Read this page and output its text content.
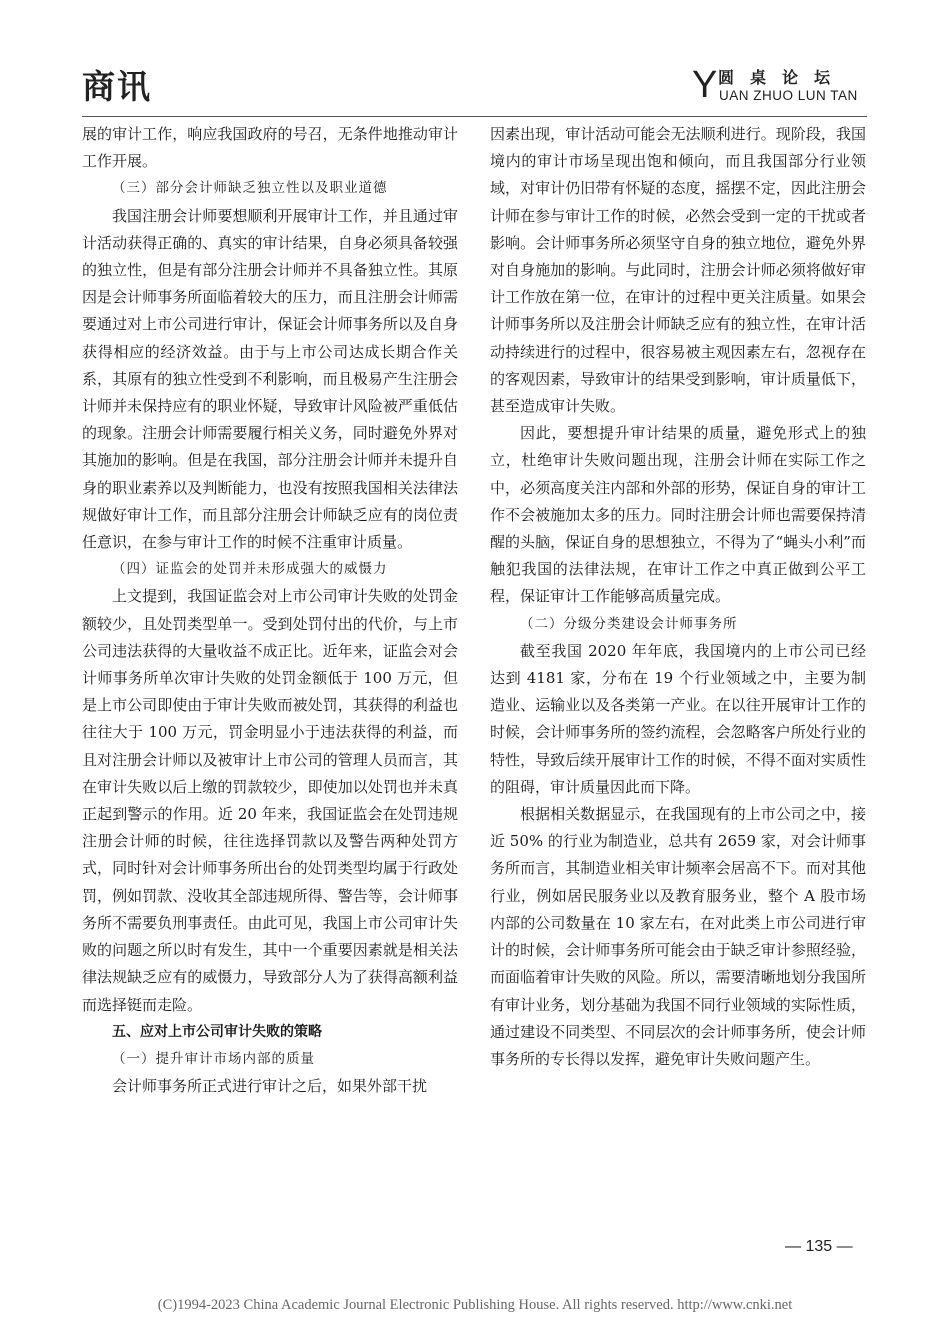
商讯	Y 圆桌论坛
UAN ZHUO LUN TAN

展的审计工作，响应我国政府的号召，无条件地推动审计工作开展。

（三）部分会计师缺乏独立性以及职业道德

我国注册会计师要想顺利开展审计工作，并且通过审计活动获得正确的、真实的审计结果，自身必须具备较强的独立性，但是有部分注册会计师并不具备独立性。其原因是会计师事务所面临着较大的压力，而且注册会计师需要通过对上市公司进行审计，保证会计师事务所以及自身获得相应的经济效益。由于与上市公司达成长期合作关系，其原有的独立性受到不利影响，而且极易产生注册会计师并未保持应有的职业怀疑，导致审计风险被严重低估的现象。注册会计师需要履行相关义务，同时避免外界对其施加的影响。但是在我国，部分注册会计师并未提升自身的职业素养以及判断能力，也没有按照我国相关法律法规做好审计工作，而且部分注册会计师缺乏应有的岗位责任意识，在参与审计工作的时候不注重审计质量。

（四）证监会的处罚并未形成强大的威慑力

上文提到，我国证监会对上市公司审计失败的处罚金额较少，且处罚类型单一。受到处罚付出的代价，与上市公司违法获得的大量收益不成正比。近年来，证监会对会计师事务所单次审计失败的处罚金额低于 100 万元，但是上市公司即使由于审计失败而被处罚，其获得的利益也往往大于 100 万元，罚金明显小于违法获得的利益，而且对注册会计师以及被审计上市公司的管理人员而言，其在审计失败以后上缴的罚款较少，即使加以处罚也并未真正起到警示的作用。近 20 年来，我国证监会在处罚违规注册会计师的时候，往往选择罚款以及警告两种处罚方式，同时针对会计师事务所出台的处罚类型均属于行政处罚，例如罚款、没收其全部违规所得、警告等，会计师事务所不需要负刑事责任。由此可见，我国上市公司审计失败的问题之所以时有发生，其中一个重要因素就是相关法律法规缺乏应有的威慑力，导致部分人为了获得高额利益而选择铤而走险。

五、应对上市公司审计失败的策略

（一）提升审计市场内部的质量

会计师事务所正式进行审计之后，如果外部干扰

因素出现，审计活动可能会无法顺利进行。现阶段，我国境内的审计市场呈现出饱和倾向，而且我国部分行业领域，对审计仍旧带有怀疑的态度，摇摆不定，因此注册会计师在参与审计工作的时候，必然会受到一定的干扰或者影响。会计师事务所必须坚守自身的独立地位，避免外界对自身施加的影响。与此同时，注册会计师必须将做好审计工作放在第一位，在审计的过程中更关注质量。如果会计师事务所以及注册会计师缺乏应有的独立性，在审计活动持续进行的过程中，很容易被主观因素左右，忽视存在的客观因素，导致审计的结果受到影响，审计质量低下，甚至造成审计失败。

因此，要想提升审计结果的质量，避免形式上的独立，杜绝审计失败问题出现，注册会计师在实际工作之中，必须高度关注内部和外部的形势，保证自身的审计工作不会被施加太多的压力。同时注册会计师也需要保持清醒的头脑，保证自身的思想独立，不得为了“蝇头小利”而触犯我国的法律法规，在审计工作之中真正做到公平工程，保证审计工作能够高质量完成。

（二）分级分类建设会计师事务所

截至我国 2020 年年底，我国境内的上市公司已经达到 4181 家，分布在 19 个行业领域之中，主要为制造业、运输业以及各类第一产业。在以往开展审计工作的时候，会计师事务所的签约流程，会忽略客户所处行业的特性，导致后续开展审计工作的时候，不得不面对实质性的阻碍，审计质量因此而下降。

根据相关数据显示，在我国现有的上市公司之中，接近 50% 的行业为制造业，总共有 2659 家，对会计师事务所而言，其制造业相关审计频率会居高不下。而对其他行业，例如居民服务业以及教育服务业，整个 A 股市场内部的公司数量在 10 家左右，在对此类上市公司进行审计的时候，会计师事务所可能会由于缺乏审计参照经验，而面临着审计失败的风险。所以，需要清晰地划分我国所有审计业务，划分基础为我国不同行业领域的实际性质，通过建设不同类型、不同层次的会计师事务所，使会计师事务所的专长得以发挥，避免审计失败问题产生。

— 135 —
(C)1994-2023 China Academic Journal Electronic Publishing House. All rights reserved. http://www.cnki.net
